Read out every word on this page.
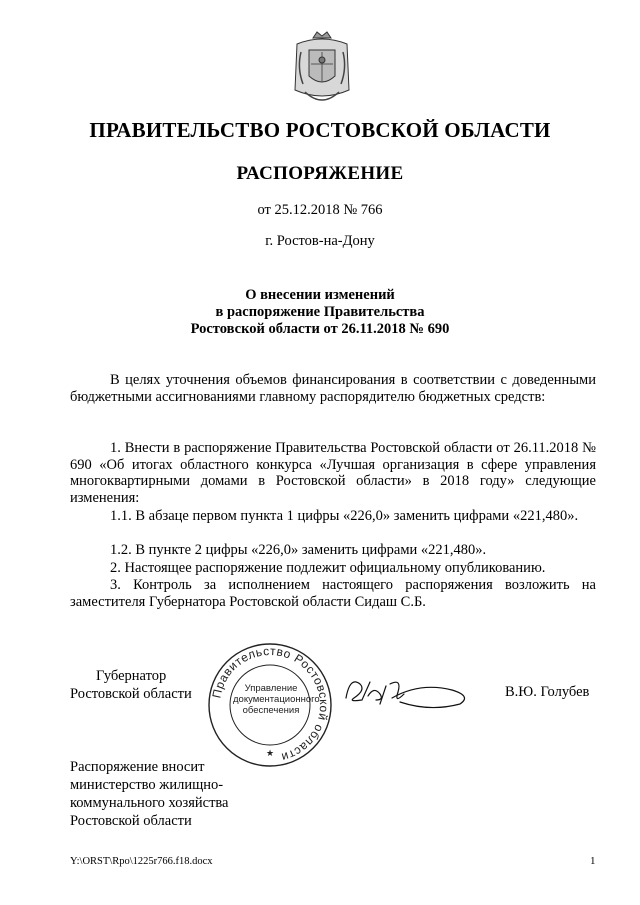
ПРАВИТЕЛЬСТВО РОСТОВСКОЙ ОБЛАСТИ
РАСПОРЯЖЕНИЕ
от 25.12.2018 № 766
г. Ростов-на-Дону
О внесении изменений
в распоряжение Правительства
Ростовской области от 26.11.2018 № 690
В целях уточнения объемов финансирования в соответствии с доведенными бюджетными ассигнованиями главному распорядителю бюджетных средств:
1. Внести в распоряжение Правительства Ростовской области от 26.11.2018 № 690 «Об итогах областного конкурса «Лучшая организация в сфере управления многоквартирными домами в Ростовской области» в 2018 году» следующие изменения:
1.1. В абзаце первом пункта 1 цифры «226,0» заменить цифрами «221,480».
1.2. В пункте 2 цифры «226,0» заменить цифрами «221,480».
2. Настоящее распоряжение подлежит официальному опубликованию.
3. Контроль за исполнением настоящего распоряжения возложить на заместителя Губернатора Ростовской области Сидаш С.Б.
Губернатор
Ростовской области Правительство Ростовской области
★
Управление
документационного
обеспечения
В.Ю. Голубев
Распоряжение вносит
министерство жилищно-
коммунального хозяйства
Ростовской области
Y:\ORST\Rpo\1225r766.f18.docx	1
